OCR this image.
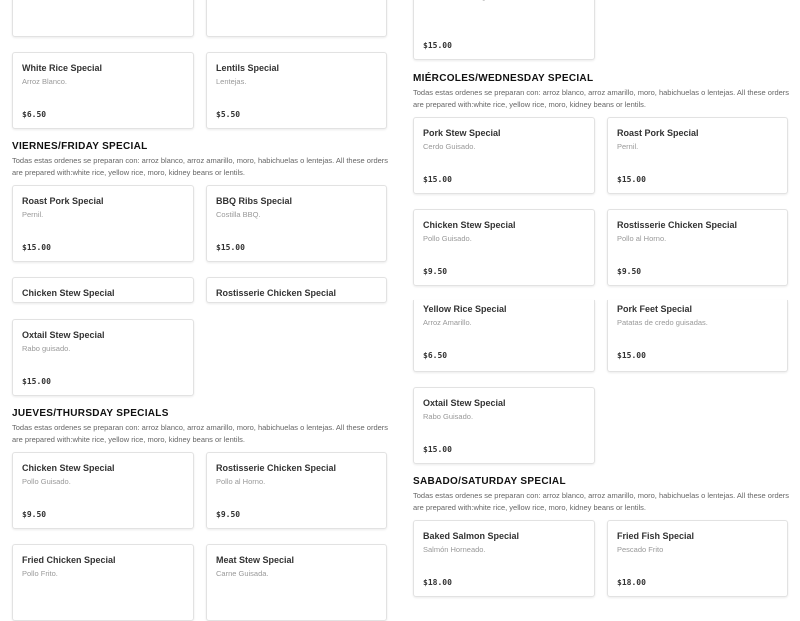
VIERNES/FRIDAY SPECIAL
Todas estas ordenes se preparan con: arroz blanco, arroz amarillo, moro, habichuelas o lentejas. All these orders are prepared with:white rice, yellow rice, moro, kidney beans or lentils.
JUEVES/THURSDAY SPECIALS
Todas estas ordenes se preparan con: arroz blanco, arroz amarillo, moro, habichuelas o lentejas. All these orders are prepared with:white rice, yellow rice, moro, kidney beans or lentils.
MIÉRCOLES/WEDNESDAY SPECIAL
Todas estas ordenes se preparan con: arroz blanco, arroz amarillo, moro, habichuelas o lentejas. All these orders are prepared with:white rice, yellow rice, moro, kidney beans or lentils.
SABADO/SATURDAY SPECIAL
Todas estas ordenes se preparan con: arroz blanco, arroz amarillo, moro, habichuelas o lentejas. All these orders are prepared with:white rice, yellow rice, moro, kidney beans or lentils.
White Rice Special
Arroz Blanco.
$6.50
Lentils Special
Lentejas.
$5.50
Roast Pork Special
Pernil.
$15.00
BBQ Ribs Special
Costilla BBQ.
$15.00
Chicken Stew Special	Rostisserie Chicken Special
Oxtail Stew Special
Rabo guisado.
$15.00
Chicken Stew Special
Pollo Guisado.
$9.50
Rostisserie Chicken Special
Pollo al Horno.
$9.50
Fried Chicken Special
Pollo Frito.
Meat Stew Special
Carne Guisada.
$15.00
Pork Stew Special
Cerdo Guisado.
$15.00
Roast Pork Special
Pernil.
$15.00
Chicken Stew Special
Pollo Guisado.
$9.50
Rostisserie Chicken Special
Pollo al Horno.
$9.50
Yellow Rice Special
Arroz Amarillo.
$6.50
Pork Feet Special
Patatas de credo guisadas.
$15.00
Oxtail Stew Special
Rabo Guisado.
$15.00
Baked Salmon Special
Salmón Horneado.
$18.00
Fried Fish Special
Pescado Frito
$18.00
